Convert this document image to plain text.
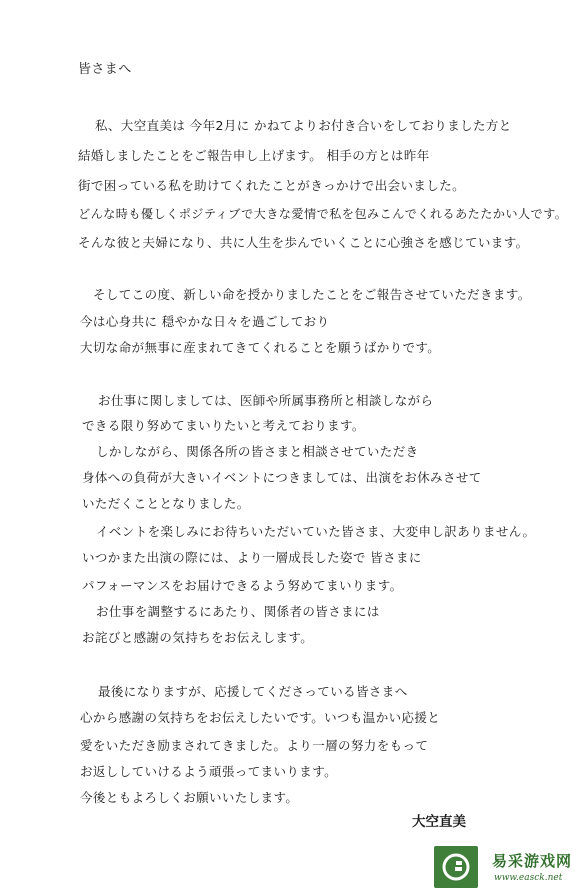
皆さまへ
私、大空直美は 今年2月に かねてよりお付き合いをしておりました方と
結婚しましたことをご報告申し上げます。 相手の方とは昨年
街で困っている私を助けてくれたことがきっかけで出会いました。
どんな時も優しくポジティブで大きな愛情で私を包みこんでくれるあたたかい人です。
そんな彼と夫婦になり、共に人生を歩んでいくことに心強さを感じています。
そしてこの度、新しい命を授かりましたことをご報告させていただきます。
今は心身共に 穏やかな日々を過ごしており
大切な命が無事に産まれてきてくれることを願うばかりです。
お仕事に関しましては、医師や所属事務所と相談しながら
できる限り努めてまいりたいと考えております。
しかしながら、関係各所の皆さまと相談させていただき
身体への負荷が大きいイベントにつきましては、出演をお休みさせて
いただくこととなりました。
イベントを楽しみにお待ちいただいていた皆さま、大変申し訳ありません。
いつかまた出演の際には、より一層成長した姿で 皆さまに
パフォーマンスをお届けできるよう努めてまいります。
お仕事を調整するにあたり、関係者の皆さまには
お詫びと感謝の気持ちをお伝えします。
最後になりますが、応援してくださっている皆さまへ
心から感謝の気持ちをお伝えしたいです。いつも温かい応援と
愛をいただき励まされてきました。より一層の努力をもって
お返ししていけるよう頑張ってまいります。
今後ともよろしくお願いいたします。
大空直美
易采游戏网
www.easck.net
